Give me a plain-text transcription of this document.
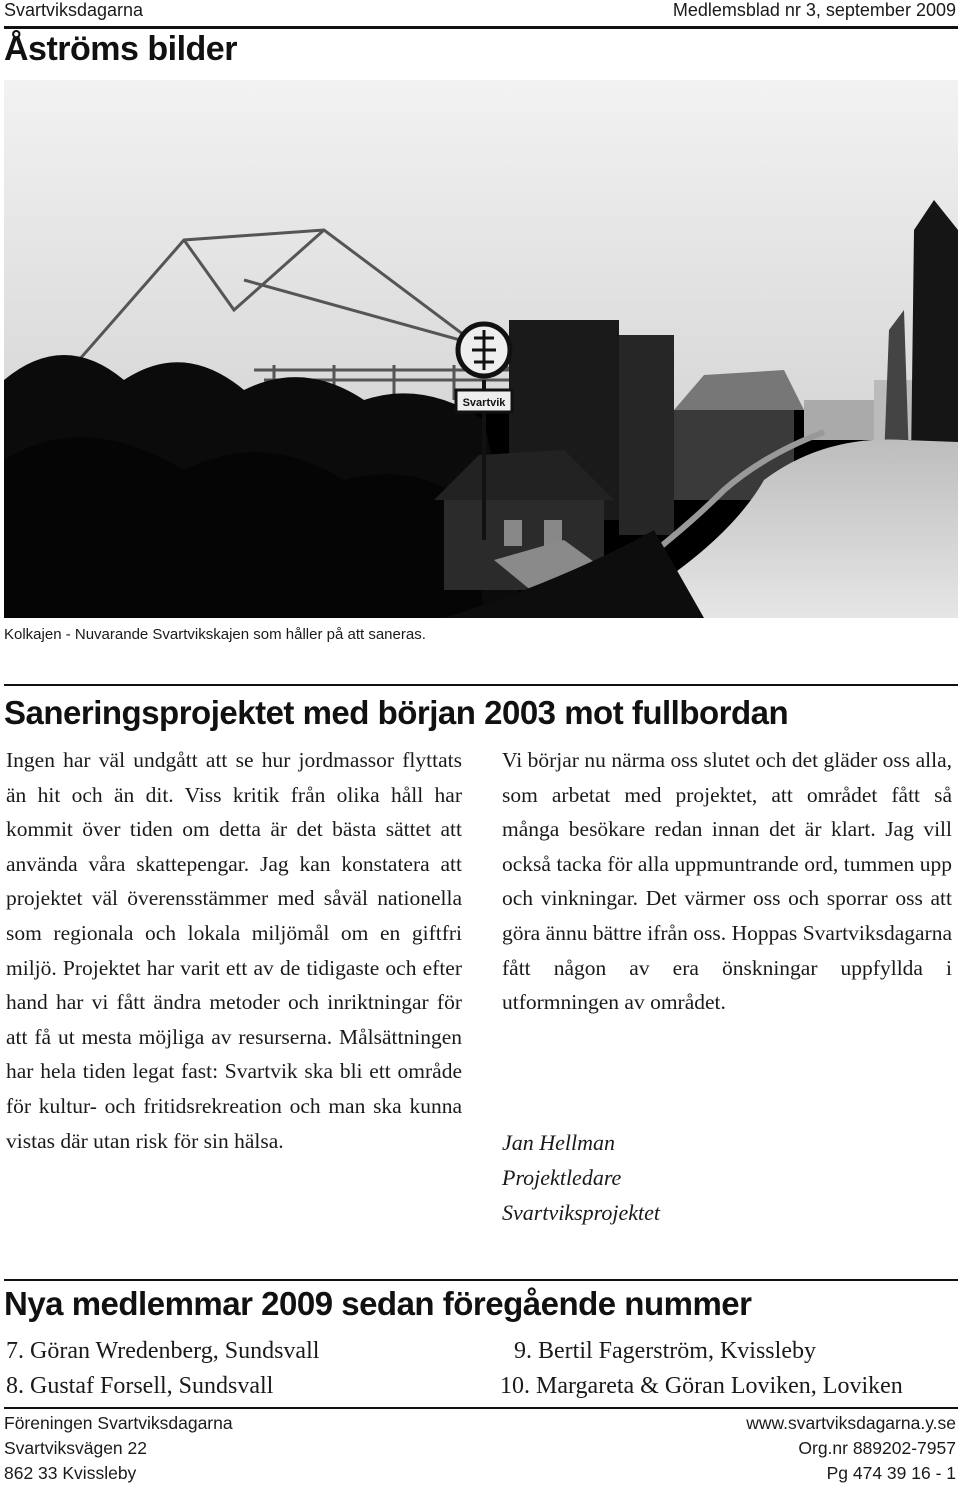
Svartviksdagarna	Medlemsblad nr 3, september 2009
Åströms bilder
Svartvik
Kolkajen - Nuvarande Svartvikskajen som håller på att saneras.
Saneringsprojektet med början 2003 mot fullbordan

Ingen har väl undgått att se hur jordmassor flyttats än hit och än dit. Viss kritik från olika håll har kommit över tiden om detta är det bästa sättet att använda våra skattepengar. Jag kan konstatera att projektet väl överensstämmer med såväl nationella som regionala och lokala miljömål om en giftfri miljö. Projektet har varit ett av de tidigaste och efter hand har vi fått ändra metoder och inriktningar för att få ut mesta möjliga av resurserna. Målsättningen har hela tiden legat fast: Svartvik ska bli ett område för kultur- och fritidsrekreation och man ska kunna vistas där utan risk för sin hälsa.

Vi börjar nu närma oss slutet och det gläder oss alla, som arbetat med projektet, att området fått så många besökare redan innan det är klart. Jag vill också tacka för alla uppmuntrande ord, tummen upp och vinkningar. Det värmer oss och sporrar oss att göra ännu bättre ifrån oss. Hoppas Svartviksdagarna fått någon av era önskningar uppfyllda i utformningen av området.

Jan Hellman
Projektledare
Svartviksprojektet
Nya medlemmar 2009 sedan föregående nummer
7. Göran Wredenberg, Sundsvall
8. Gustaf Forsell, Sundsvall
9. Bertil Fagerström, Kvissleby
10. Margareta & Göran Loviken, Loviken
Föreningen Svartviksdagarna
Svartviksvägen 22
862 33 Kvissleby
www.svartviksdagarna.y.se
Org.nr 889202-7957
Pg 474 39 16 - 1
